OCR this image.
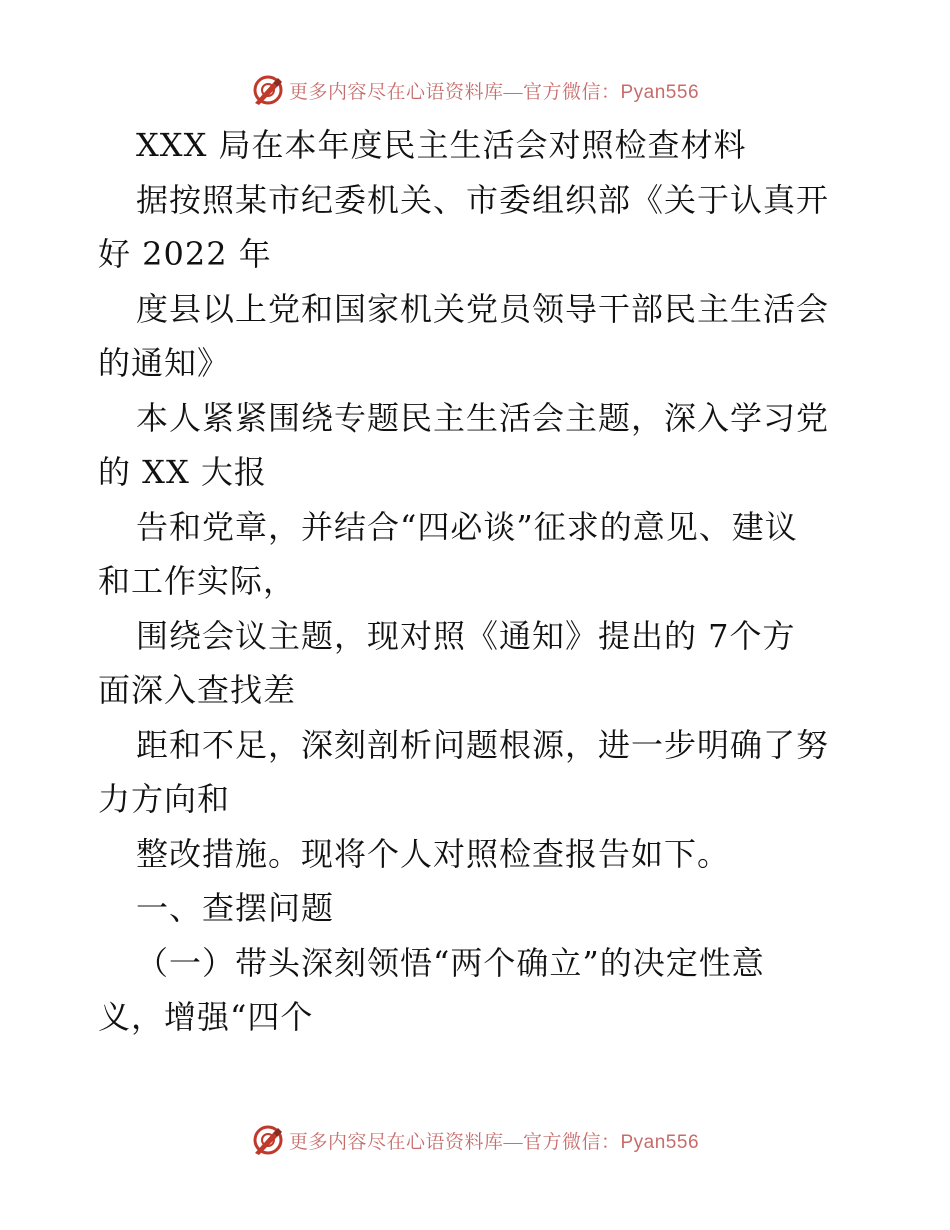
更多内容尽在心语资料库—官方微信：Pyan556
XXX 局在本年度民主生活会对照检查材料
据按照某市纪委机关、市委组织部《关于认真开
好 2022 年
度县以上党和国家机关党员领导干部民主生活会
的通知》
本人紧紧围绕专题民主生活会主题，深入学习党
的 XX 大报
告和党章，并结合“四必谈”征求的意见、建议
和工作实际，
围绕会议主题，现对照《通知》提出的 7个方
面深入查找差
距和不足，深刻剖析问题根源，进一步明确了努
力方向和
整改措施。现将个人对照检查报告如下。
一、查摆问题
（一）带头深刻领悟“两个确立”的决定性意
义，增强“四个
更多内容尽在心语资料库—官方微信：Pyan556
